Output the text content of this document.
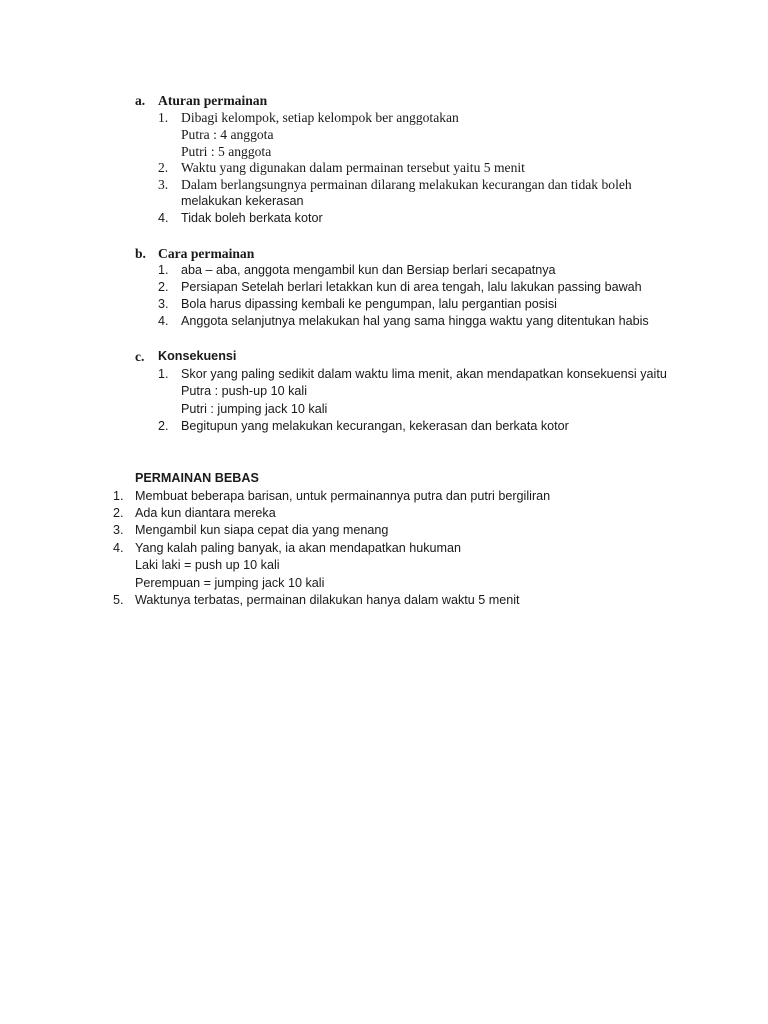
a. Aturan permainan
1. Dibagi kelompok, setiap kelompok ber anggotakan
Putra : 4 anggota
Putri : 5 anggota
2. Waktu yang digunakan dalam permainan tersebut yaitu 5 menit
3. Dalam berlangsungnya permainan dilarang melakukan kecurangan dan tidak boleh
melakukan kekerasan
4. Tidak boleh berkata kotor
b. Cara permainan
1. aba – aba, anggota mengambil kun dan Bersiap berlari secapatnya
2. Persiapan Setelah berlari letakkan kun di area tengah, lalu lakukan passing bawah
3. Bola harus dipassing kembali ke pengumpan, lalu pergantian posisi
4. Anggota selanjutnya melakukan hal yang sama hingga waktu yang ditentukan habis
c. Konsekuensi
1. Skor yang paling sedikit dalam waktu lima menit, akan mendapatkan konsekuensi yaitu
Putra : push-up 10 kali
Putri : jumping jack 10 kali
2. Begitupun yang melakukan kecurangan, kekerasan dan berkata kotor
PERMAINAN BEBAS
1. Membuat beberapa barisan, untuk permainannya putra dan putri bergiliran
2. Ada kun diantara mereka
3. Mengambil kun siapa cepat dia yang menang
4. Yang kalah paling banyak, ia akan mendapatkan hukuman
Laki laki = push up 10 kali
Perempuan = jumping jack 10 kali
5. Waktunya terbatas, permainan dilakukan hanya dalam waktu 5 menit
